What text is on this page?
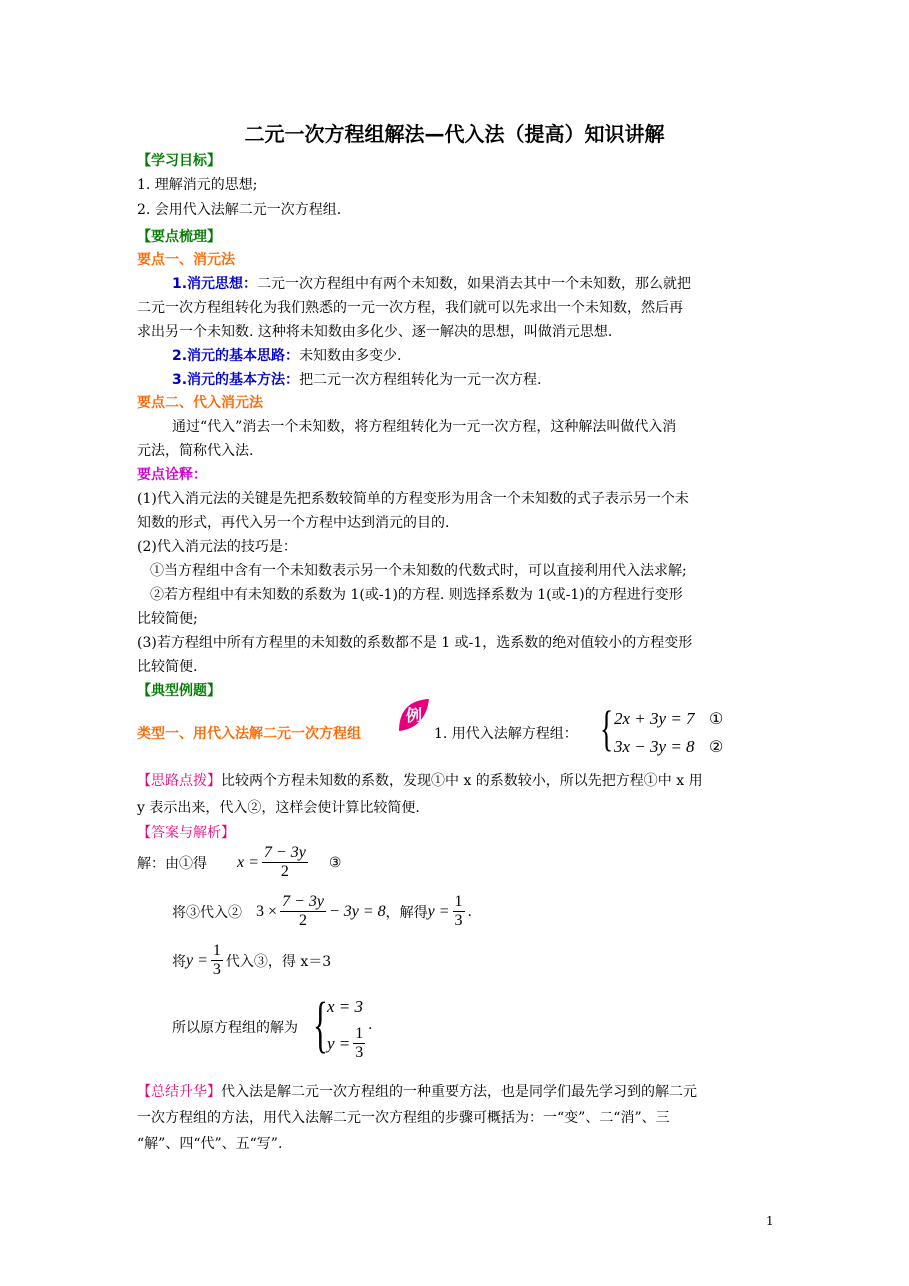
二元一次方程组解法—代入法（提高）知识讲解
【学习目标】
1. 理解消元的思想;
2. 会用代入法解二元一次方程组.
【要点梳理】
要点一、消元法
1.消元思想：二元一次方程组中有两个未知数，如果消去其中一个未知数，那么就把
二元一次方程组转化为我们熟悉的一元一次方程，我们就可以先求出一个未知数，然后再
求出另一个未知数. 这种将未知数由多化少、逐一解决的思想，叫做消元思想.
2.消元的基本思路：未知数由多变少.
3.消元的基本方法：把二元一次方程组转化为一元一次方程.
要点二、代入消元法
通过“代入”消去一个未知数，将方程组转化为一元一次方程，这种解法叫做代入消
元法，简称代入法.
要点诠释：
(1)代入消元法的关键是先把系数较简单的方程变形为用含一个未知数的式子表示另一个未
知数的形式，再代入另一个方程中达到消元的目的.
(2)代入消元法的技巧是：
①当方程组中含有一个未知数表示另一个未知数的代数式时，可以直接利用代入法求解;
②若方程组中有未知数的系数为 1(或-1)的方程. 则选择系数为 1(或-1)的方程进行变形
比较简便;
(3)若方程组中所有方程里的未知数的系数都不是 1 或-1，选系数的绝对值较小的方程变形
比较简便.
【典型例题】
类型一、用代入法解二元一次方程组
例
1. 用代入法解方程组： { 2x + 3y = 7 ①
3x − 3y = 8 ②
【思路点拨】比较两个方程未知数的系数，发现①中 x 的系数较小，所以先把方程①中 x 用
y 表示出来，代入②，这样会使计算比较简便.
【答案与解析】
解：由①得 $x = \frac{7 - 3y}{2}$ ③
将③代入② $3 \times \frac{7 - 3y}{2} - 3y = 8$ ，解得 $y = \frac{1}{3}$ .
将 $y = \frac{1}{3}$ 代入③，得 x＝3
所以原方程组的解为 { x = 3
$y = \frac{1}{3}$ .
【总结升华】代入法是解二元一次方程组的一种重要方法，也是同学们最先学习到的解二元
一次方程组的方法，用代入法解二元一次方程组的步骤可概括为：一“变”、二“消”、三
“解”、四“代”、五“写”.
1
